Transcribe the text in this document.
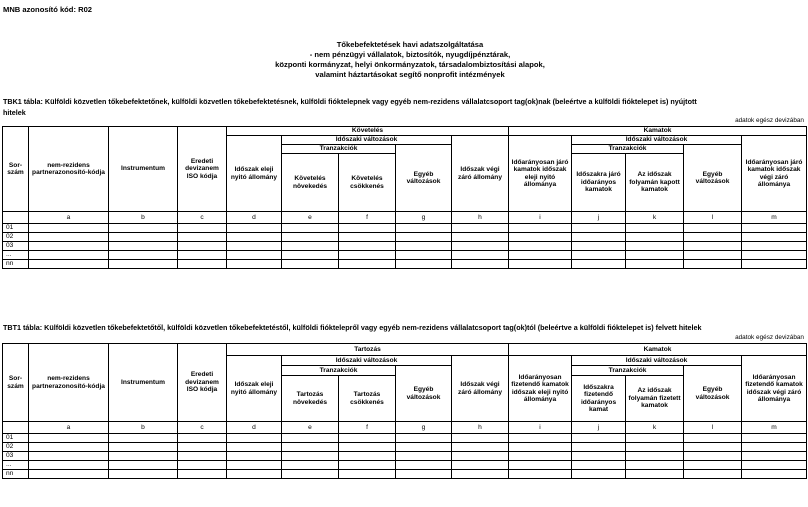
MNB azonosító kód: R02
Tőkebefektetések havi adatszolgáltatása
- nem pénzügyi vállalatok, biztosítók, nyugdíjpénztárak,
központi kormányzat, helyi önkormányzatok, társadalombiztosítási alapok,
valamint háztartásokat segítő nonprofit intézmények
TBK1 tábla: Külföldi közvetlen tőkebefektetőnek, külföldi közvetlen tőkebefektetésnek, külföldi fióktelepnek vagy egyéb nem-rezidens vállalatcsoport tag(ok)nak (beleértve a külföldi fióktelepet is) nyújtott
hitelek
adatok egész devizában
Sor-szám	nem-rezidens partnerazonosító-kódja	Instrumentum	Eredeti devizanem ISO kódja	Követelés					Kamatok				
				Időszak eleji nyitó állomány	Időszaki változások			Időszak végi záró állomány	Időarányosan járó kamatok időszak eleji nyitó állománya	Időszaki változások			Időarányosan járó kamatok időszak végi záró állománya
					Tranzakciók		Egyéb változások			Tranzakciók		Egyéb változások	
					Követelés növekedés	Követelés csökkenés				Időszakra járó időarányos kamatok	Az időszak folyamán kapott kamatok		
	a	b	c	d	e	f	g	h	i	j	k	l	m
01													
02													
03													
...													
nn													
TBT1 tábla: Külföldi közvetlen tőkebefektetőtől, külföldi közvetlen tőkebefektetéstől, külföldi fióktelepről vagy egyéb nem-rezidens vállalatcsoport tag(ok)tól (beleértve a külföldi fióktelepet is) felvett hitelek
adatok egész devizában
Sor-szám	nem-rezidens partnerazonosító-kódja	Instrumentum	Eredeti devizanem ISO kódja	Tartozás					Kamatok				
				Időszak eleji nyitó állomány	Időszaki változások			Időszak végi záró állomány	Időarányosan fizetendő kamatok időszak eleji nyitó állománya	Időszaki változások			Időarányosan fizetendő kamatok időszak végi záró állománya
					Tranzakciók		Egyéb változások			Tranzakciók		Egyéb változások	
					Tartozás növekedés	Tartozás csökkenés				Időszakra fizetendő időarányos kamat	Az időszak folyamán fizetett kamatok		
	a	b	c	d	e	f	g	h	i	j	k	l	m
01													
02													
03													
...													
nn													
